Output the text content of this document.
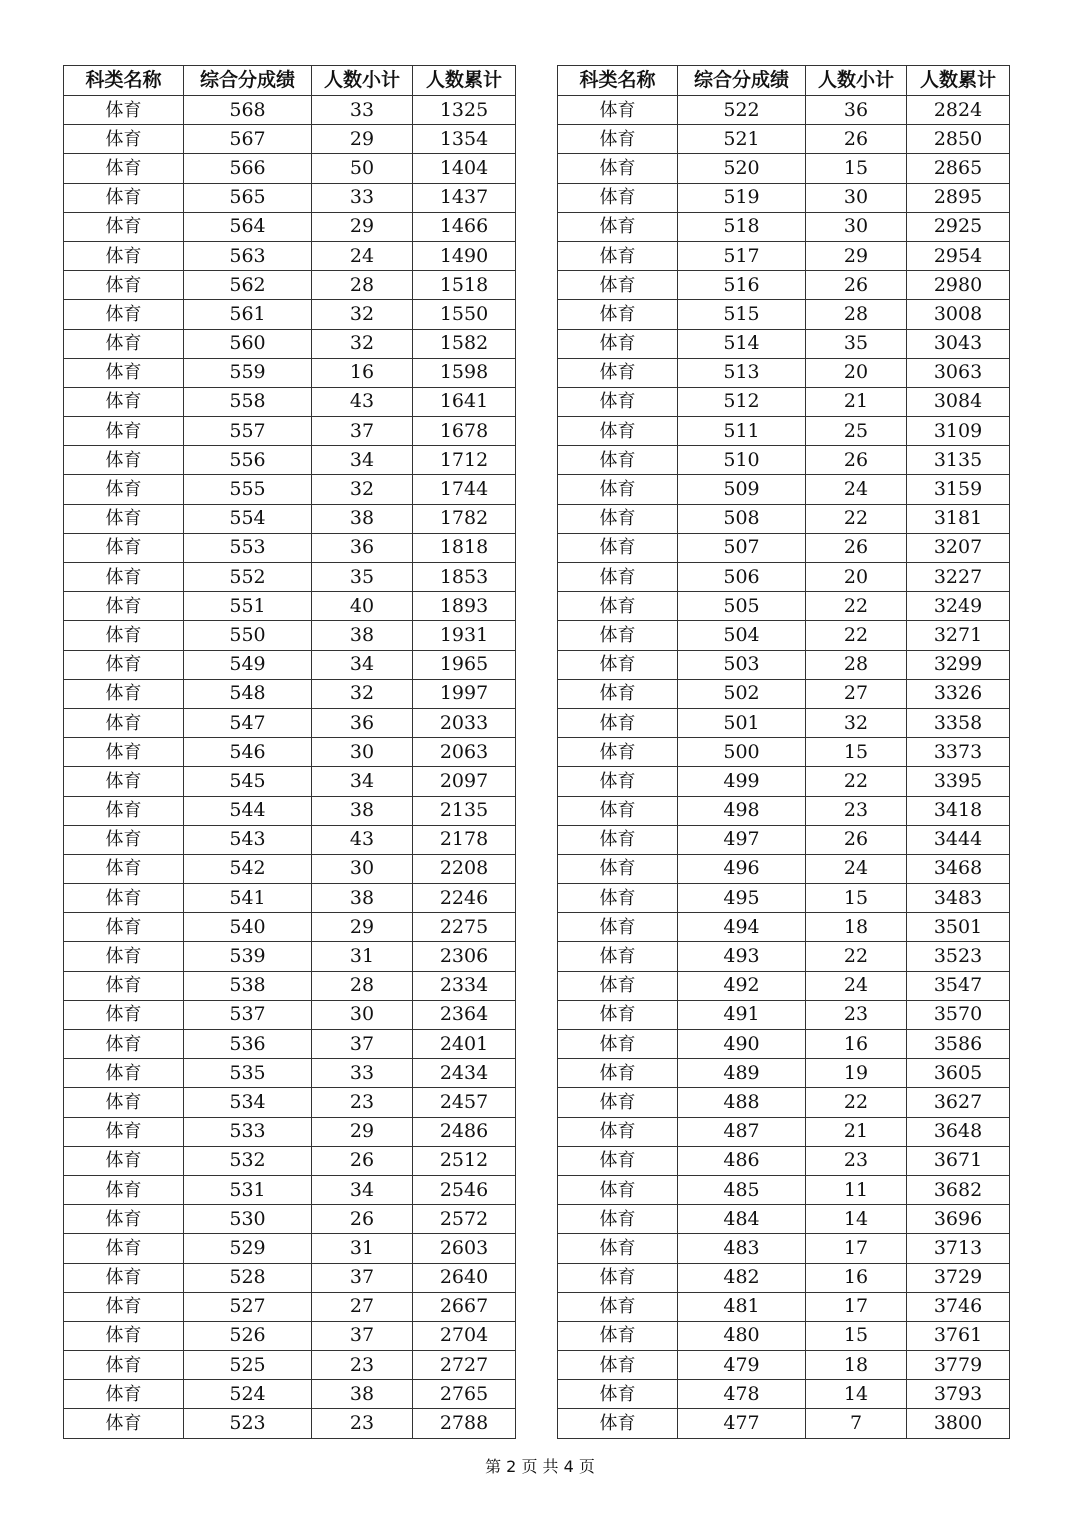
科类名称	综合分成绩	人数小计	人数累计
体育	568	33	1325
体育	567	29	1354
体育	566	50	1404
体育	565	33	1437
体育	564	29	1466
体育	563	24	1490
体育	562	28	1518
体育	561	32	1550
体育	560	32	1582
体育	559	16	1598
体育	558	43	1641
体育	557	37	1678
体育	556	34	1712
体育	555	32	1744
体育	554	38	1782
体育	553	36	1818
体育	552	35	1853
体育	551	40	1893
体育	550	38	1931
体育	549	34	1965
体育	548	32	1997
体育	547	36	2033
体育	546	30	2063
体育	545	34	2097
体育	544	38	2135
体育	543	43	2178
体育	542	30	2208
体育	541	38	2246
体育	540	29	2275
体育	539	31	2306
体育	538	28	2334
体育	537	30	2364
体育	536	37	2401
体育	535	33	2434
体育	534	23	2457
体育	533	29	2486
体育	532	26	2512
体育	531	34	2546
体育	530	26	2572
体育	529	31	2603
体育	528	37	2640
体育	527	27	2667
体育	526	37	2704
体育	525	23	2727
体育	524	38	2765
体育	523	23	2788
科类名称	综合分成绩	人数小计	人数累计
体育	522	36	2824
体育	521	26	2850
体育	520	15	2865
体育	519	30	2895
体育	518	30	2925
体育	517	29	2954
体育	516	26	2980
体育	515	28	3008
体育	514	35	3043
体育	513	20	3063
体育	512	21	3084
体育	511	25	3109
体育	510	26	3135
体育	509	24	3159
体育	508	22	3181
体育	507	26	3207
体育	506	20	3227
体育	505	22	3249
体育	504	22	3271
体育	503	28	3299
体育	502	27	3326
体育	501	32	3358
体育	500	15	3373
体育	499	22	3395
体育	498	23	3418
体育	497	26	3444
体育	496	24	3468
体育	495	15	3483
体育	494	18	3501
体育	493	22	3523
体育	492	24	3547
体育	491	23	3570
体育	490	16	3586
体育	489	19	3605
体育	488	22	3627
体育	487	21	3648
体育	486	23	3671
体育	485	11	3682
体育	484	14	3696
体育	483	17	3713
体育	482	16	3729
体育	481	17	3746
体育	480	15	3761
体育	479	18	3779
体育	478	14	3793
体育	477	7	3800
第 2 页 共 4 页
